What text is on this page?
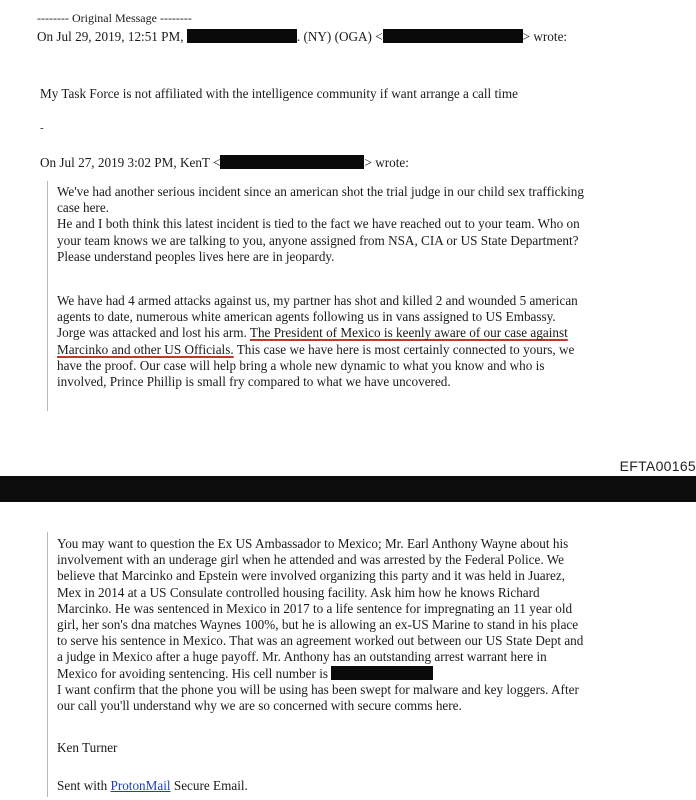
-------- Original Message --------
On Jul 29, 2019, 12:51 PM,	. (NY) (OGA) <	> wrote:
My Task Force is not affiliated with the intelligence community if want arrange a call time
-
On Jul 27, 2019 3:02 PM, KenT <	> wrote:
We've had another serious incident since an american shot the trial judge in our child sex trafficking
case here.
He and I both think this latest incident is tied to the fact we have reached out to your team. Who on
your team knows we are talking to you, anyone assigned from NSA, CIA or US State Department?
Please understand peoples lives here are in jeopardy.
We have had 4 armed attacks against us, my partner has shot and killed 2 and wounded 5 american
agents to date, numerous white american agents following us in vans assigned to US Embassy.
Jorge was attacked and lost his arm. The President of Mexico is keenly aware of our case against
Marcinko and other US Officials. This case we have here is most certainly connected to yours, we
have the proof. Our case will help bring a whole new dynamic to what you know and who is
involved, Prince Phillip is small fry compared to what we have uncovered.
EFTA00165
You may want to question the Ex US Ambassador to Mexico; Mr. Earl Anthony Wayne about his
involvement with an underage girl when he attended and was arrested by the Federal Police. We
believe that Marcinko and Epstein were involved organizing this party and it was held in Juarez,
Mex in 2014 at a US Consulate controlled housing facility. Ask him how he knows Richard
Marcinko. He was sentenced in Mexico in 2017 to a life sentence for impregnating an 11 year old
girl, her son's dna matches Waynes 100%, but he is allowing an ex-US Marine to stand in his place
to serve his sentence in Mexico. That was an agreement worked out between our US State Dept and
a judge in Mexico after a huge payoff. Mr. Anthony has an outstanding arrest warrant here in
Mexico for avoiding sentencing. His cell number is
I want confirm that the phone you will be using has been swept for malware and key loggers. After
our call you'll understand why we are so concerned with secure comms here.
Ken Turner
Sent with ProtonMail Secure Email.
